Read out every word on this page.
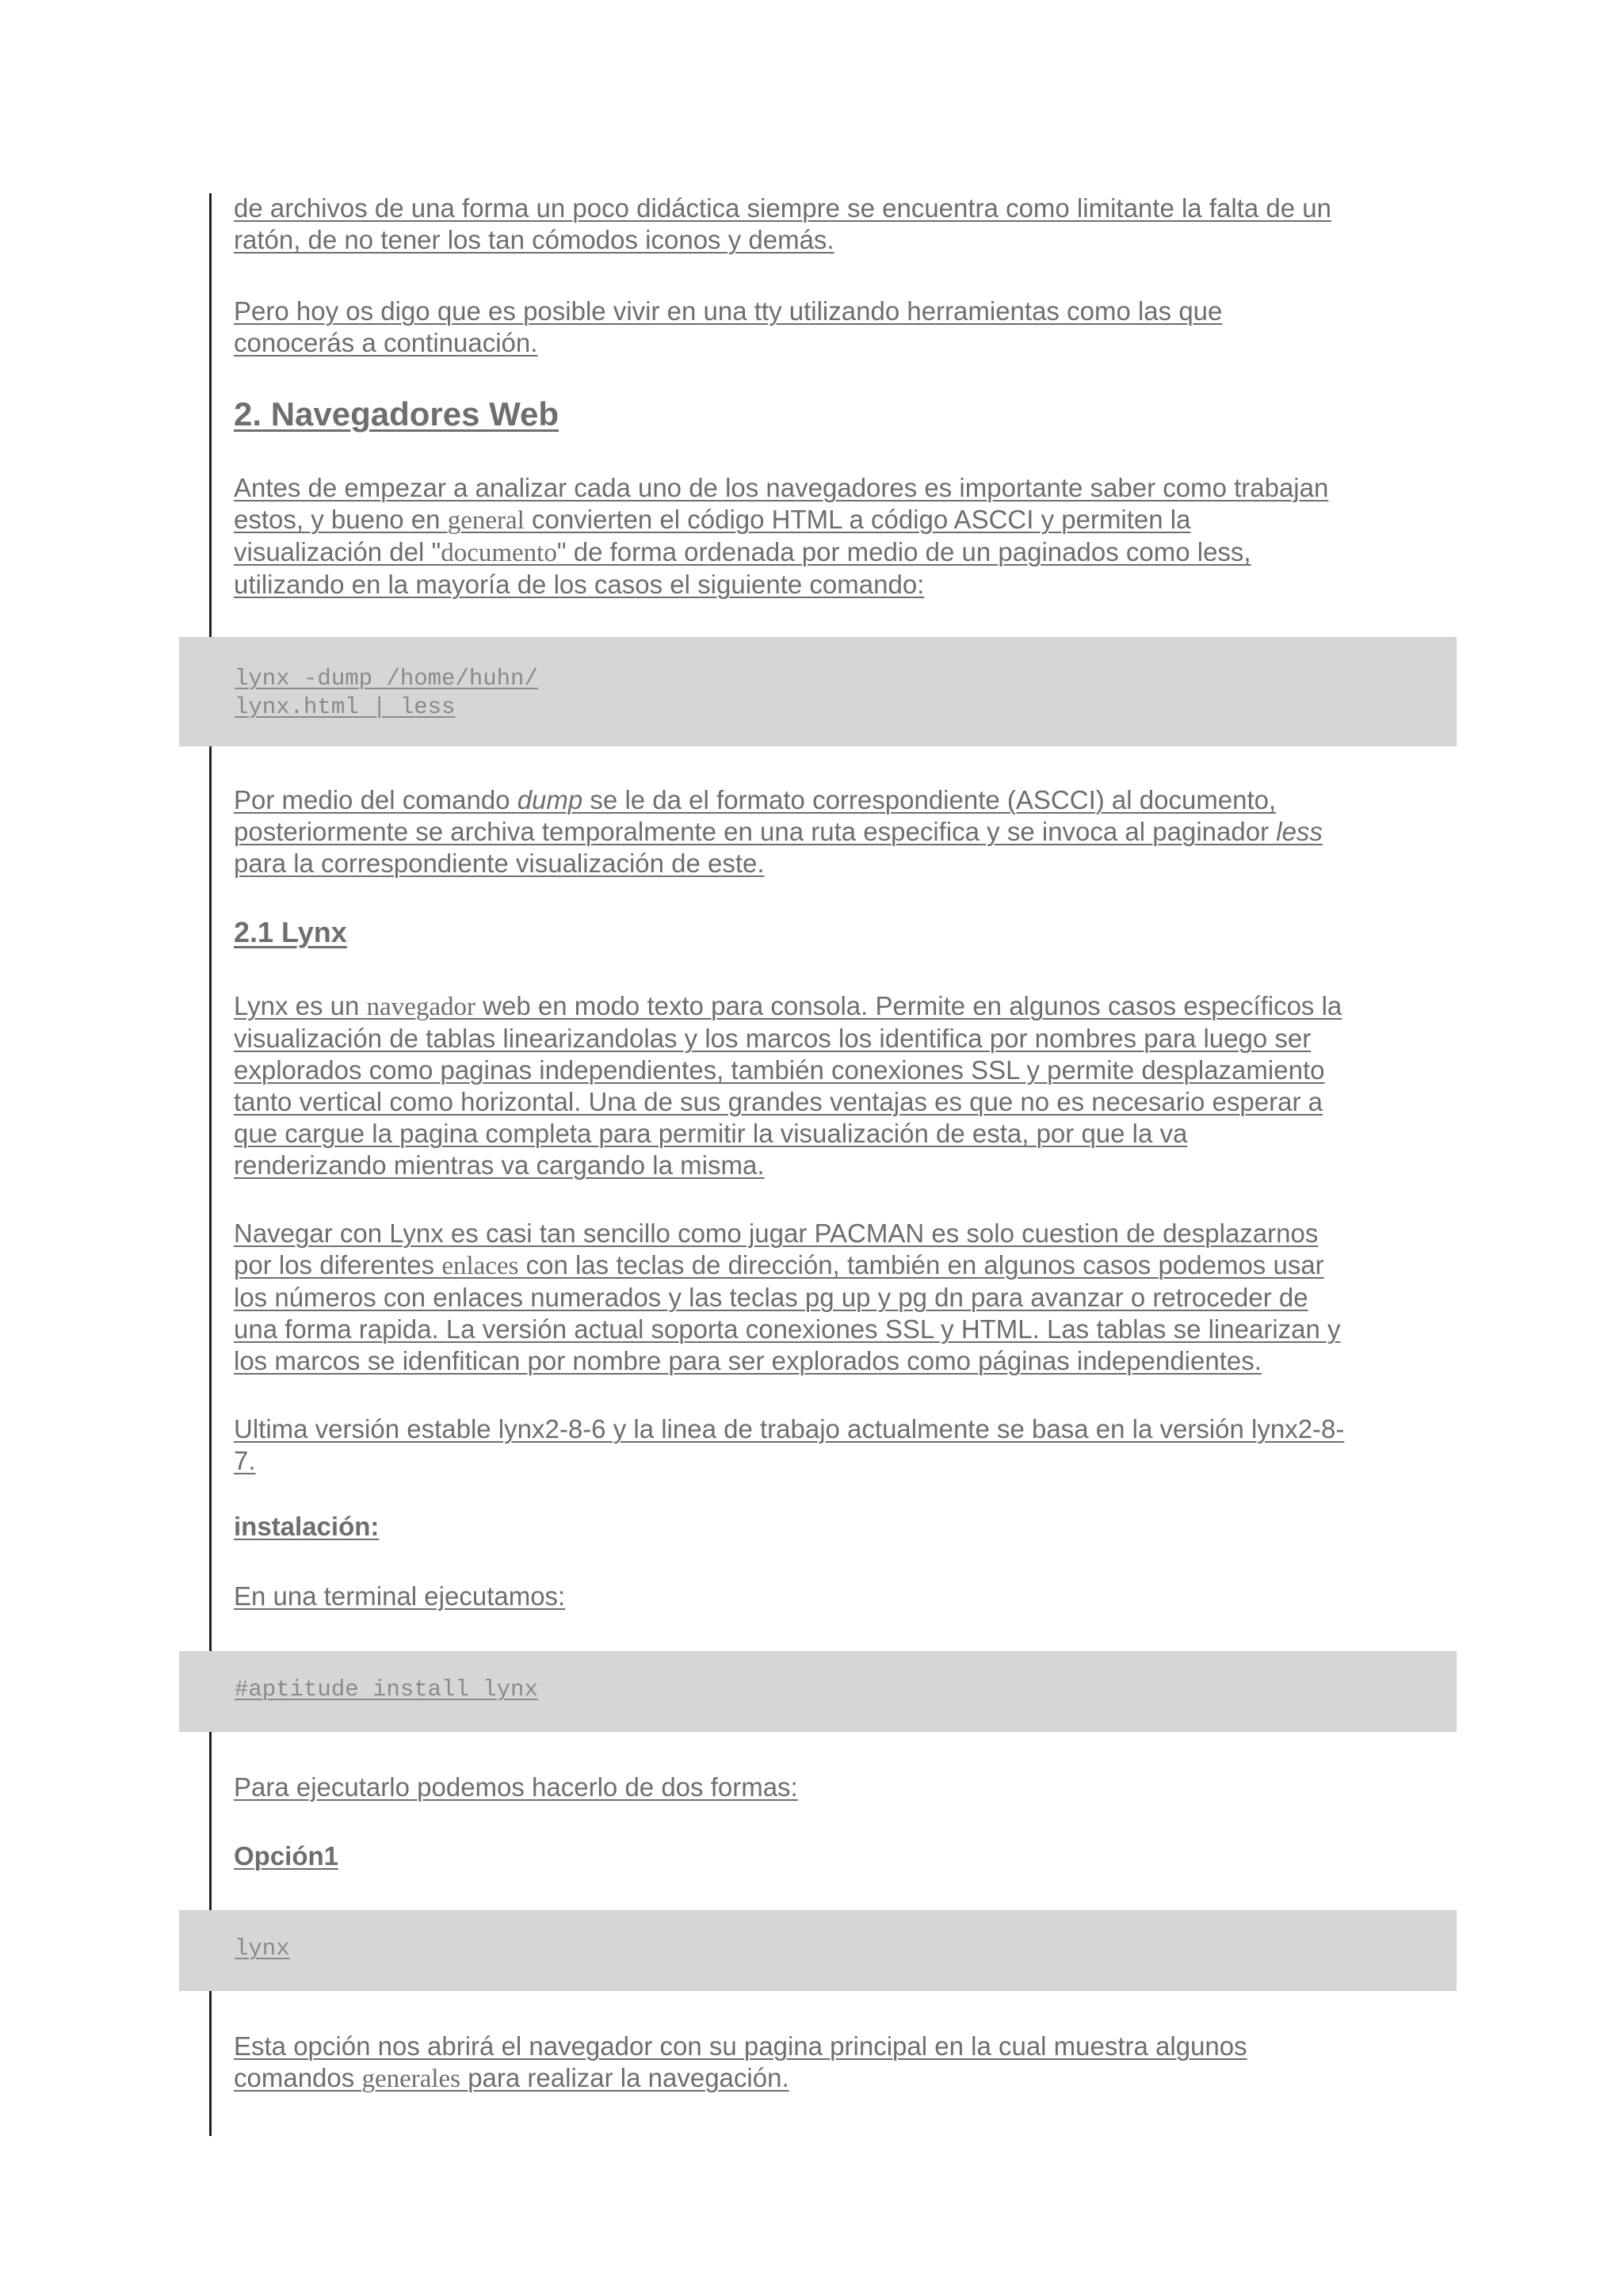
de archivos de una forma un poco didáctica siempre se encuentra como limitante la falta de un
ratón, de no tener los tan cómodos iconos y demás.

Pero hoy os digo que es posible vivir en una tty utilizando herramientas como las que
conocerás a continuación.

2. Navegadores Web

Antes de empezar a analizar cada uno de los navegadores es importante saber como trabajan
estos, y bueno en general convierten el código HTML a código ASCCI y permiten la
visualización del "documento" de forma ordenada por medio de un paginados como less,
utilizando en la mayoría de los casos el siguiente comando:

lynx -dump /home/huhn/
lynx.html | less

Por medio del comando dump se le da el formato correspondiente (ASCCI) al documento,
posteriormente se archiva temporalmente en una ruta especifica y se invoca al paginador less
para la correspondiente visualización de este.

2.1 Lynx

Lynx es un navegador web en modo texto para consola. Permite en algunos casos específicos la
visualización de tablas linearizandolas y los marcos los identifica por nombres para luego ser
explorados como paginas independientes, también conexiones SSL y permite desplazamiento
tanto vertical como horizontal. Una de sus grandes ventajas es que no es necesario esperar a
que cargue la pagina completa para permitir la visualización de esta, por que la va
renderizando mientras va cargando la misma.

Navegar con Lynx es casi tan sencillo como jugar PACMAN es solo cuestion de desplazarnos
por los diferentes enlaces con las teclas de dirección, también en algunos casos podemos usar
los números con enlaces numerados y las teclas pg up y pg dn para avanzar o retroceder de
una forma rapida. La versión actual soporta conexiones SSL y HTML. Las tablas se linearizan y
los marcos se idenfitican por nombre para ser explorados como páginas independientes.

Ultima versión estable lynx2-8-6 y la linea de trabajo actualmente se basa en la versión lynx2-8-
7.

instalación:

En una terminal ejecutamos:

#aptitude install lynx

Para ejecutarlo podemos hacerlo de dos formas:

Opción1
lynx

Esta opción nos abrirá el navegador con su pagina principal en la cual muestra algunos
comandos generales para realizar la navegación.
